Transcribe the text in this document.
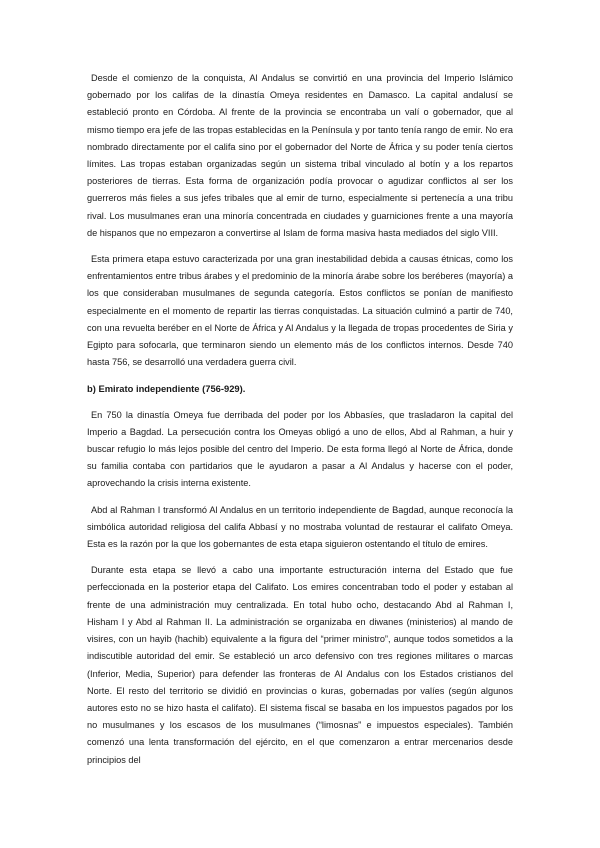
Desde el comienzo de la conquista, Al Andalus se convirtió en una provincia del Imperio Islámico gobernado por los califas de la dinastía Omeya residentes en Damasco. La capital andalusí se estableció pronto en Córdoba. Al frente de la provincia se encontraba un valí o gobernador, que al mismo tiempo era jefe de las tropas establecidas en la Península y por tanto tenía rango de emir. No era nombrado directamente por el califa sino por el gobernador del Norte de África y su poder tenía ciertos límites. Las tropas estaban organizadas según un sistema tribal vinculado al botín y a los repartos posteriores de tierras. Esta forma de organización podía provocar o agudizar conflictos al ser los guerreros más fieles a sus jefes tribales que al emir de turno, especialmente si pertenecía a una tribu rival. Los musulmanes eran una minoría concentrada en ciudades y guarniciones frente a una mayoría de hispanos que no empezaron a convertirse al Islam de forma masiva hasta mediados del siglo VIII.

Esta primera etapa estuvo caracterizada por una gran inestabilidad debida a causas étnicas, como los enfrentamientos entre tribus árabes y el predominio de la minoría árabe sobre los beréberes (mayoría) a los que consideraban musulmanes de segunda categoría. Estos conflictos se ponían de manifiesto especialmente en el momento de repartir las tierras conquistadas. La situación culminó a partir de 740, con una revuelta beréber en el Norte de África y Al Andalus y la llegada de tropas procedentes de Siria y Egipto para sofocarla, que terminaron siendo un elemento más de los conflictos internos. Desde 740 hasta 756, se desarrolló una verdadera guerra civil.

b) Emirato independiente (756-929).

En 750 la dinastía Omeya fue derribada del poder por los Abbasíes, que trasladaron la capital del Imperio a Bagdad. La persecución contra los Omeyas obligó a uno de ellos, Abd al Rahman, a huir y buscar refugio lo más lejos posible del centro del Imperio. De esta forma llegó al Norte de África, donde su familia contaba con partidarios que le ayudaron a pasar a Al Andalus y hacerse con el poder, aprovechando la crisis interna existente.

Abd al Rahman I transformó Al Andalus en un territorio independiente de Bagdad, aunque reconocía la simbólica autoridad religiosa del califa Abbasí y no mostraba voluntad de restaurar el califato Omeya. Esta es la razón por la que los gobernantes de esta etapa siguieron ostentando el título de emires.

Durante esta etapa se llevó a cabo una importante estructuración interna del Estado que fue perfeccionada en la posterior etapa del Califato. Los emires concentraban todo el poder y estaban al frente de una administración muy centralizada. En total hubo ocho, destacando Abd al Rahman I, Hisham I y Abd al Rahman II. La administración se organizaba en diwanes (ministerios) al mando de visires, con un hayib (hachib) equivalente a la figura del “primer ministro”, aunque todos sometidos a la indiscutible autoridad del emir. Se estableció un arco defensivo con tres regiones militares o marcas (Inferior, Media, Superior) para defender las fronteras de Al Andalus con los Estados cristianos del Norte. El resto del territorio se dividió en provincias o kuras, gobernadas por valíes (según algunos autores esto no se hizo hasta el califato). El sistema fiscal se basaba en los impuestos pagados por los no musulmanes y los escasos de los musulmanes (“limosnas” e impuestos especiales). También comenzó una lenta transformación del ejército, en el que comenzaron a entrar mercenarios desde principios del
